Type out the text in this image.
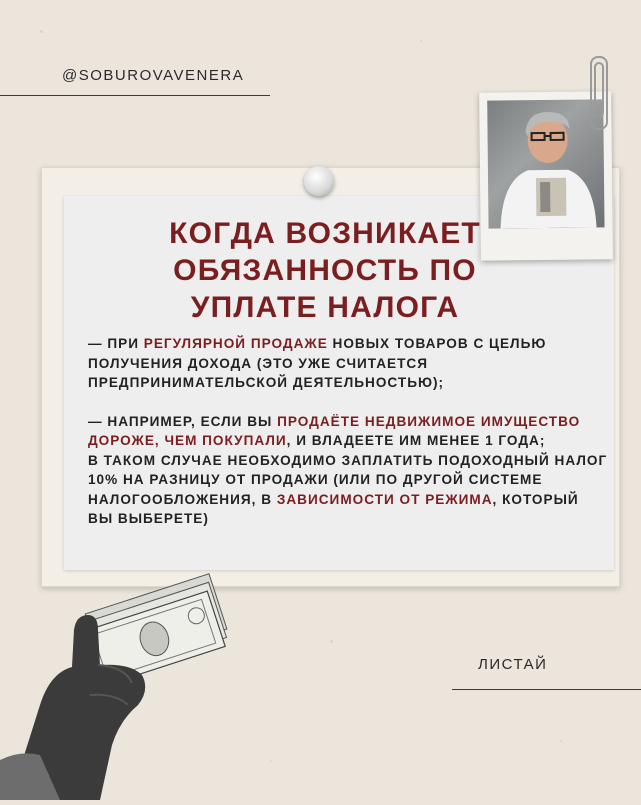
@SOBUROVAVENERA
КОГДА ВОЗНИКАЕТ
ОБЯЗАННОСТЬ ПО
УПЛАТЕ НАЛОГА

— ПРИ РЕГУЛЯРНОЙ ПРОДАЖЕ НОВЫХ ТОВАРОВ С ЦЕЛЬЮ ПОЛУЧЕНИЯ ДОХОДА (ЭТО УЖЕ СЧИТАЕТСЯ ПРЕДПРИНИМАТЕЛЬСКОЙ ДЕЯТЕЛЬНОСТЬЮ);

— НАПРИМЕР, ЕСЛИ ВЫ ПРОДАЁТЕ НЕДВИЖИМОЕ ИМУЩЕСТВО ДОРОЖЕ, ЧЕМ ПОКУПАЛИ, И ВЛАДЕЕТЕ ИМ МЕНЕЕ 1 ГОДА;

В ТАКОМ СЛУЧАЕ НЕОБХОДИМО ЗАПЛАТИТЬ ПОДОХОДНЫЙ НАЛОГ 10% НА РАЗНИЦУ ОТ ПРОДАЖИ (ИЛИ ПО ДРУГОЙ СИСТЕМЕ НАЛОГООБЛОЖЕНИЯ, В ЗАВИСИМОСТИ ОТ РЕЖИМА, КОТОРЫЙ ВЫ ВЫБЕРЕТЕ)

ЛИСТАЙ
